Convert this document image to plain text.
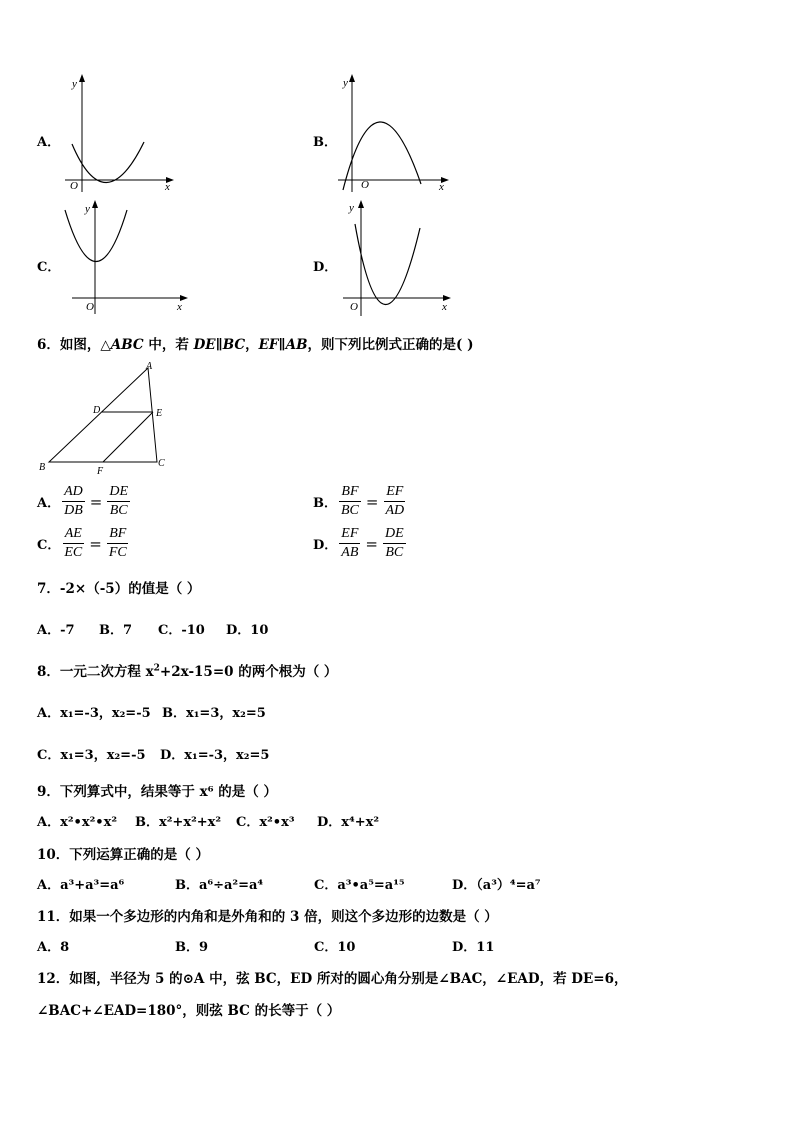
A．
y
x
O
B．
y
x
O
C．
y
x
O
D．
y
x
O
6．如图，△ABC 中，若 DE∥BC，EF∥AB，则下列比例式正确的是( )
A
B	C
D	E
F
A． $\frac{AD}{DB} = \frac{DE}{BC}$	B． $\frac{BF}{BC} = \frac{EF}{AD}$
C． $\frac{AE}{EC} = \frac{BF}{FC}$	D． $\frac{EF}{AB} = \frac{DE}{BC}$
7．-2×（-5）的值是（ ）
A．-7 B．7 C．-10 D．10
8．一元二次方程 $x^2+2x-15=0$ 的两个根为（ ）
A．x₁=-3，x₂=-5 B．x₁=3，x₂=5
C．x₁=3，x₂=-5 D．x₁=-3，x₂=5
9．下列算式中，结果等于 x⁶ 的是（ ）
A．x²•x²•x² B．x²+x²+x² C．x²•x³ D．x⁴+x²
10．下列运算正确的是（ ）
A．a³+a³=a⁶	B．a⁶÷a²=a⁴	C．a³•a⁵=a¹⁵	D．（a³）⁴=a⁷
11．如果一个多边形的内角和是外角和的 3 倍，则这个多边形的边数是（ ）
A．8	B．9	C．10	D．11
12．如图，半径为 5 的⊙A 中，弦 BC，ED 所对的圆心角分别是∠BAC，∠EAD，若 DE=6，
∠BAC+∠EAD=180°，则弦 BC 的长等于（ ）
